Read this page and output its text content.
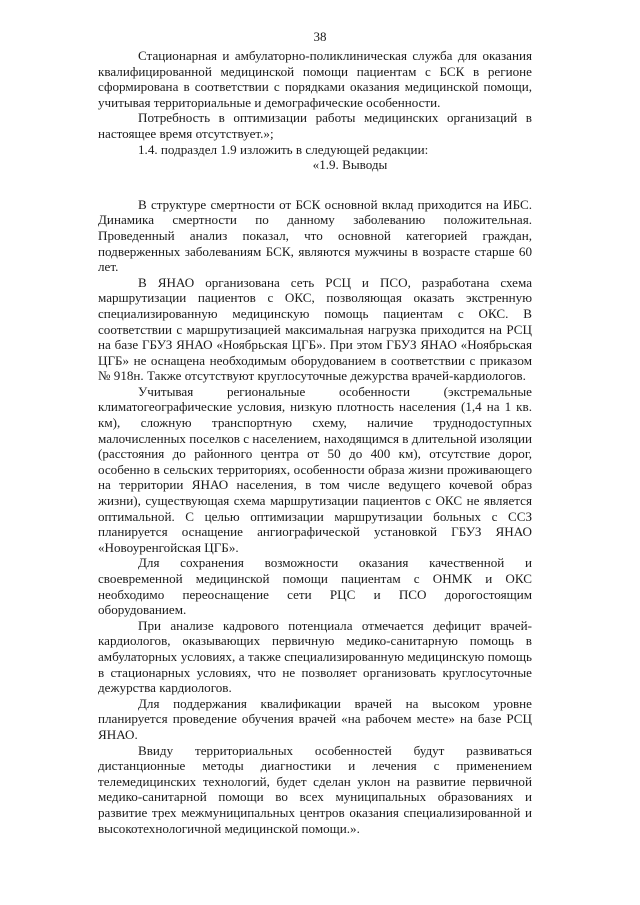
38

Стационарная и амбулаторно-поликлиническая служба для оказания квалифицированной медицинской помощи пациентам с БСК в регионе сформирована в соответствии с порядками оказания медицинской помощи, учитывая территориальные и демографические особенности.

Потребность в оптимизации работы медицинских организаций в настоящее время отсутствует.»;

1.4. подраздел 1.9 изложить в следующей редакции:

«1.9. Выводы

В структуре смертности от БСК основной вклад приходится на ИБС. Динамика смертности по данному заболеванию положительная. Проведенный анализ показал, что основной категорией граждан, подверженных заболеваниям БСК, являются мужчины в возрасте старше 60 лет.

В ЯНАО организована сеть РСЦ и ПСО, разработана схема маршрутизации пациентов с ОКС, позволяющая оказать экстренную специализированную медицинскую помощь пациентам с ОКС. В соответствии с маршрутизацией максимальная нагрузка приходится на РСЦ на базе ГБУЗ ЯНАО «Ноябрьская ЦГБ». При этом ГБУЗ ЯНАО «Ноябрьская ЦГБ» не оснащена необходимым оборудованием в соответствии с приказом № 918н. Также отсутствуют круглосуточные дежурства врачей-кардиологов.

Учитывая региональные особенности (экстремальные климатогеографические условия, низкую плотность населения (1,4 на 1 кв. км), сложную транспортную схему, наличие труднодоступных малочисленных поселков с населением, находящимся в длительной изоляции (расстояния до районного центра от 50 до 400 км), отсутствие дорог, особенно в сельских территориях, особенности образа жизни проживающего на территории ЯНАО населения, в том числе ведущего кочевой образ жизни), существующая схема маршрутизации пациентов с ОКС не является оптимальной. С целью оптимизации маршрутизации больных с ССЗ планируется оснащение ангиографической установкой ГБУЗ ЯНАО «Новоуренгойская ЦГБ».

Для сохранения возможности оказания качественной и своевременной медицинской помощи пациентам с ОНМК и ОКС необходимо переоснащение сети РЦС и ПСО дорогостоящим оборудованием.

При анализе кадрового потенциала отмечается дефицит врачей-кардиологов, оказывающих первичную медико-санитарную помощь в амбулаторных условиях, а также специализированную медицинскую помощь в стационарных условиях, что не позволяет организовать круглосуточные дежурства кардиологов.

Для поддержания квалификации врачей на высоком уровне планируется проведение обучения врачей «на рабочем месте» на базе РСЦ ЯНАО.

Ввиду территориальных особенностей будут развиваться дистанционные методы диагностики и лечения с применением телемедицинских технологий, будет сделан уклон на развитие первичной медико-санитарной помощи во всех муниципальных образованиях и развитие трех межмуниципальных центров оказания специализированной и высокотехнологичной медицинской помощи.».
